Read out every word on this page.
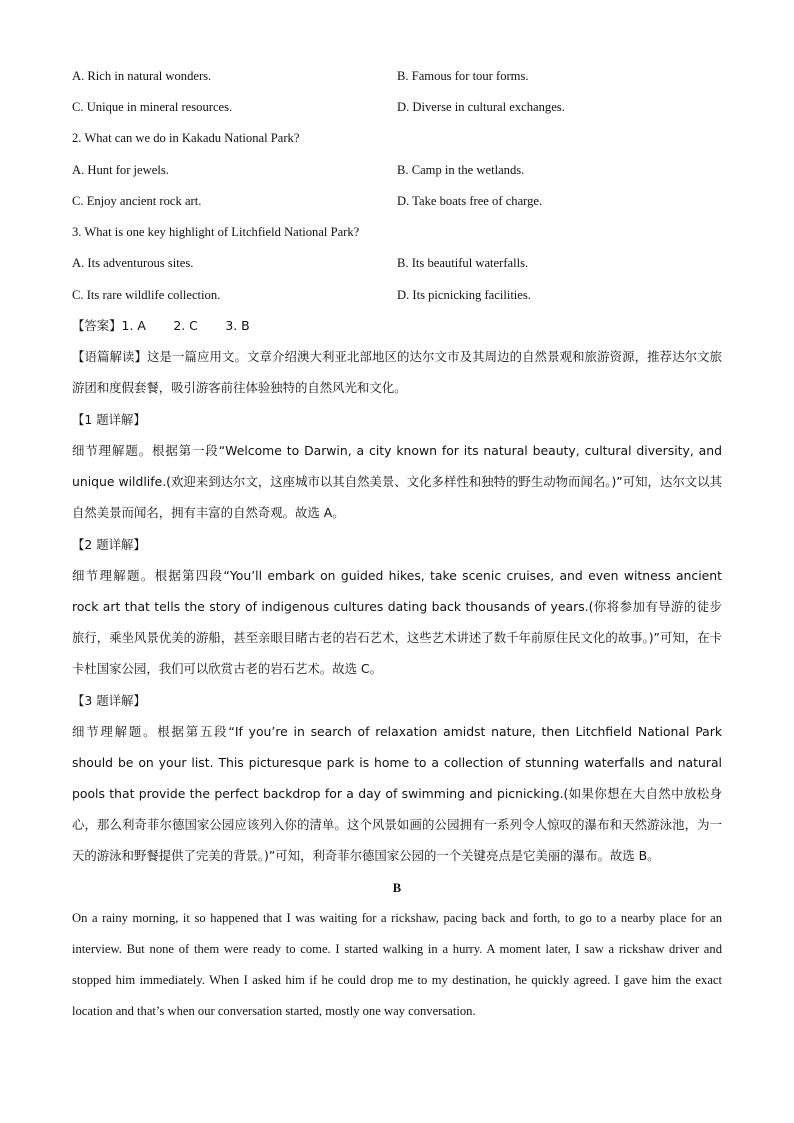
A. Rich in natural wonders.	B. Famous for tour forms.
C. Unique in mineral resources.	D. Diverse in cultural exchanges.
2. What can we do in Kakadu National Park?
A. Hunt for jewels.	B. Camp in the wetlands.
C. Enjoy ancient rock art.	D. Take boats free of charge.
3. What is one key highlight of Litchfield National Park?
A. Its adventurous sites.	B. Its beautiful waterfalls.
C. Its rare wildlife collection.	D. Its picnicking facilities.
【答案】1. A       2. C       3. B
【语篇解读】这是一篇应用文。文章介绍澳大利亚北部地区的达尔文市及其周边的自然景观和旅游资源，推荐达尔文旅游团和度假套餐，吸引游客前往体验独特的自然风光和文化。
【1 题详解】
细节理解题。根据第一段“Welcome to Darwin, a city known for its natural beauty, cultural diversity, and unique wildlife.(欢迎来到达尔文，这座城市以其自然美景、文化多样性和独特的野生动物而闻名。)”可知，达尔文以其自然美景而闻名，拥有丰富的自然奇观。故选 A。
【2 题详解】
细节理解题。根据第四段“You’ll embark on guided hikes, take scenic cruises, and even witness ancient rock art that tells the story of indigenous cultures dating back thousands of years.(你将参加有导游的徒步旅行，乘坐风景优美的游船，甚至亲眼目睹古老的岩石艺术，这些艺术讲述了数千年前原住民文化的故事。)”可知，在卡卡杜国家公园，我们可以欣赏古老的岩石艺术。故选 C。
【3 题详解】
细节理解题。根据第五段“If you’re in search of relaxation amidst nature, then Litchfield National Park should be on your list. This picturesque park is home to a collection of stunning waterfalls and natural pools that provide the perfect backdrop for a day of swimming and picnicking.(如果你想在大自然中放松身心，那么利奇菲尔德国家公园应该列入你的清单。这个风景如画的公园拥有一系列令人惊叹的瀑布和天然游泳池，为一天的游泳和野餐提供了完美的背景。)”可知，利奇菲尔德国家公园的一个关键亮点是它美丽的瀑布。故选 B。
B
On a rainy morning, it so happened that I was waiting for a rickshaw, pacing back and forth, to go to a nearby place for an interview. But none of them were ready to come. I started walking in a hurry. A moment later, I saw a rickshaw driver and stopped him immediately. When I asked him if he could drop me to my destination, he quickly agreed. I gave him the exact location and that’s when our conversation started, mostly one way conversation.
